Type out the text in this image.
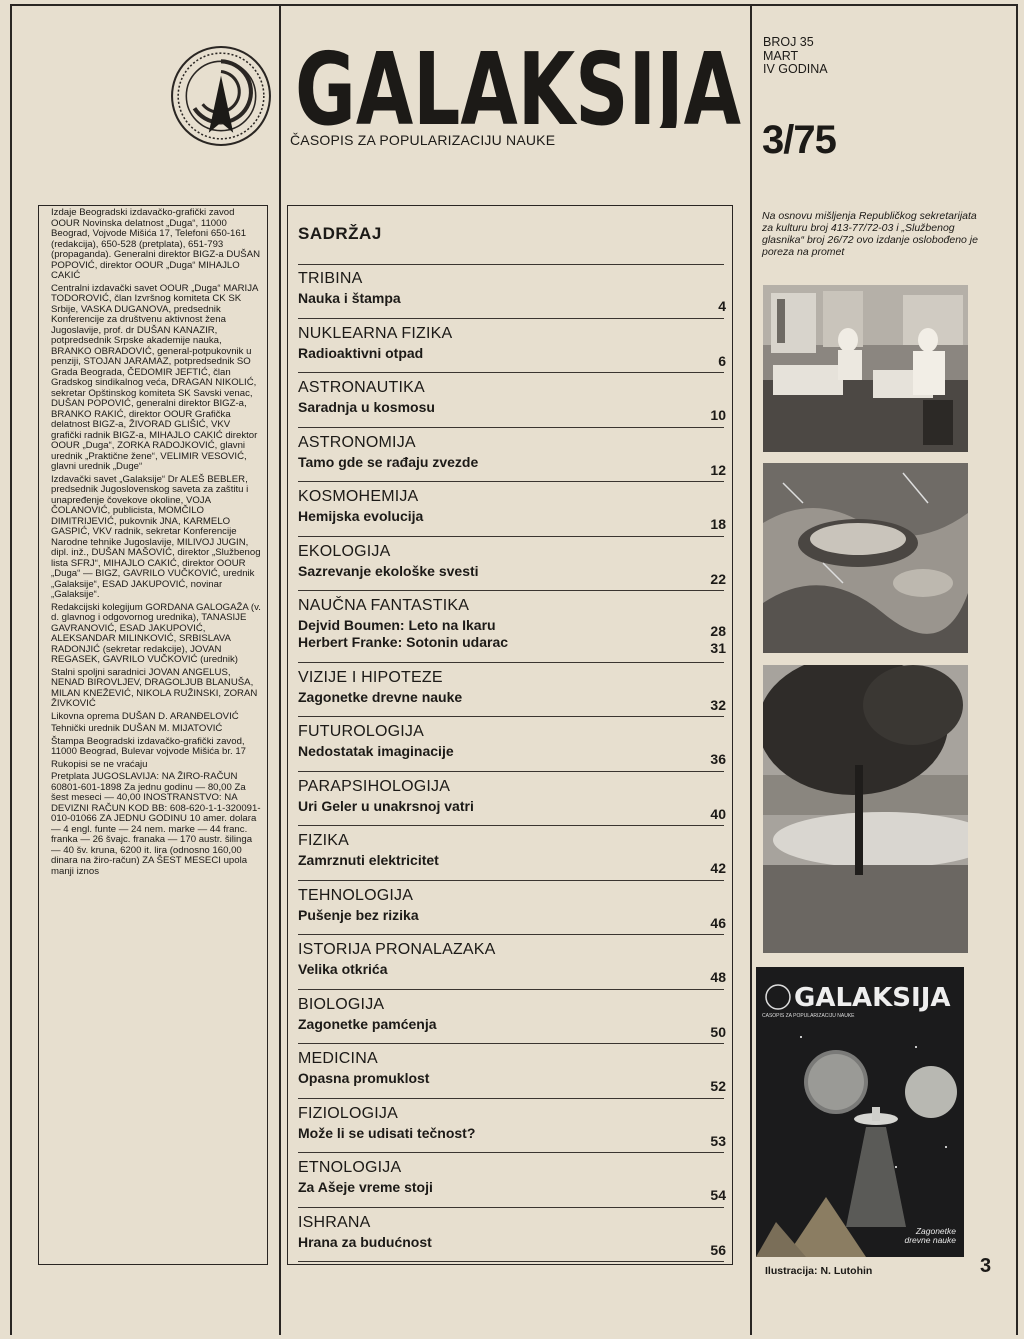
GALAKSIJA
ČASOPIS ZA POPULARIZACIJU NAUKE
BROJ 35
MART
IV GODINA
3/75

Izdaje Beogradski izdavačko-grafički zavod OOUR Novinska delatnost „Duga“, 11000 Beograd, Vojvode Mišića 17, Telefoni 650-161 (redakcija), 650-528 (pretplata), 651-793 (propaganda). Generalni direktor BIGZ-a DUŠAN POPOVIĆ, direktor OOUR „Duga“ MIHAJLO CAKIĆ

Centralni izdavački savet OOUR „Duga“ MARIJA TODOROVIĆ, član Izvršnog komiteta CK SK Srbije, VASKA DUGANOVA, predsednik Konferencije za društvenu aktivnost žena Jugoslavije, prof. dr DUŠAN KANAZIR, potpredsednik Srpske akademije nauka, BRANKO OBRADOVIĆ, general-potpukovnik u penziji, STOJAN JARAMAZ, potpredsednik SO Grada Beograda, ČEDOMIR JEFTIĆ, član Gradskog sindikalnog veća, DRAGAN NIKOLIĆ, sekretar Opštinskog komiteta SK Savski venac, DUŠAN POPOVIĆ, generalni direktor BIGZ-a, BRANKO RAKIĆ, direktor OOUR Grafička delatnost BIGZ-a, ŽIVORAD GLIŠIĆ, VKV grafički radnik BIGZ-a, MIHAJLO CAKIĆ direktor OOUR „Duga“, ZORKA RADOJKOVIĆ, glavni urednik „Praktične žene“, VELIMIR VESOVIĆ, glavni urednik „Duge“

Izdavački savet „Galaksije“ Dr ALEŠ BEBLER, predsednik Jugoslovenskog saveta za zaštitu i unapređenje čovekove okoline, VOJA ČOLANOVIĆ, publicista, MOMČILO DIMITRIJEVIĆ, pukovnik JNA, KARMELO GASPIĆ, VKV radnik, sekretar Konferencije Narodne tehnike Jugoslavije, MILIVOJ JUGIN, dipl. inž., DUŠAN MAŠOVIĆ, direktor „Službenog lista SFRJ“, MIHAJLO CAKIĆ, direktor OOUR „Duga“ — BIGZ, GAVRILO VUČKOVIĆ, urednik „Galaksije“, ESAD JAKUPOVIĆ, novinar „Galaksije“.

Redakcijski kolegijum GORDANA GALOGAŽA (v. d. glavnog i odgovornog urednika), TANASIJE GAVRANOVIĆ, ESAD JAKUPOVIĆ, ALEKSANDAR MILINKOVIĆ, SRBISLAVA RADONJIĆ (sekretar redakcije), JOVAN REGASEK, GAVRILO VUČKOVIĆ (urednik)

Stalni spoljni saradnici JOVAN ANGELUS, NENAD BIROVLJEV, DRAGOLJUB BLANUŠA, MILAN KNEŽEVIĆ, NIKOLA RUŽINSKI, ZORAN ŽIVKOVIĆ

Likovna oprema DUŠAN D. ARANĐELOVIĆ

Tehnički urednik DUŠAN M. MIJATOVIĆ

Štampa Beogradski izdavačko-grafički zavod, 11000 Beograd, Bulevar vojvode Mišića br. 17

Rukopisi se ne vraćaju

Pretplata JUGOSLAVIJA: NA ŽIRO-RAČUN 60801-601-1898 Za jednu godinu — 80,00 Za šest meseci — 40,00 INOSTRANSTVO: NA DEVIZNI RAČUN KOD BB: 608-620-1-1-320091-010-01066 ZA JEDNU GODINU 10 amer. dolara — 4 engl. funte — 24 nem. marke — 44 franc. franka — 26 švajc. franaka — 170 austr. šilinga — 40 šv. kruna, 6200 it. lira (odnosno 160,00 dinara na žiro-račun) ZA ŠEST MESECI upola manji iznos

SADRŽAJ
TRIBINA
Nauka i štampa	4
NUKLEARNA FIZIKA
Radioaktivni otpad	6
ASTRONAUTIKA
Saradnja u kosmosu	10
ASTRONOMIJA
Tamo gde se rađaju zvezde	12
KOSMOHEMIJA
Hemijska evolucija	18
EKOLOGIJA
Sazrevanje ekološke svesti	22
NAUČNA FANTASTIKA
Dejvid Boumen: Leto na Ikaru	28
Herbert Franke: Sotonin udarac	31
VIZIJE I HIPOTEZE
Zagonetke drevne nauke	32
FUTUROLOGIJA
Nedostatak imaginacije	36
PARAPSIHOLOGIJA
Uri Geler u unakrsnoj vatri	40
FIZIKA
Zamrznuti elektricitet	42
TEHNOLOGIJA
Pušenje bez rizika	46
ISTORIJA PRONALAZAKA
Velika otkrića	48
BIOLOGIJA
Zagonetke pamćenja	50
MEDICINA
Opasna promuklost	52
FIZIOLOGIJA
Može li se udisati tečnost?	53
ETNOLOGIJA
Za Ašeje vreme stoji	54
ISHRANA
Hrana za budućnost	56
Na osnovu mišljenja Republičkog sekretarijata za kulturu broj 413-77/72-03 i „Službenog glasnika“ broj 26/72 ovo izdanje oslobođeno je poreza na promet
GALAKSIJA
ČASOPIS ZA POPULARIZACIJU NAUKE
Zagonetke drevne nauke
Ilustracija: N. Lutohin	3
